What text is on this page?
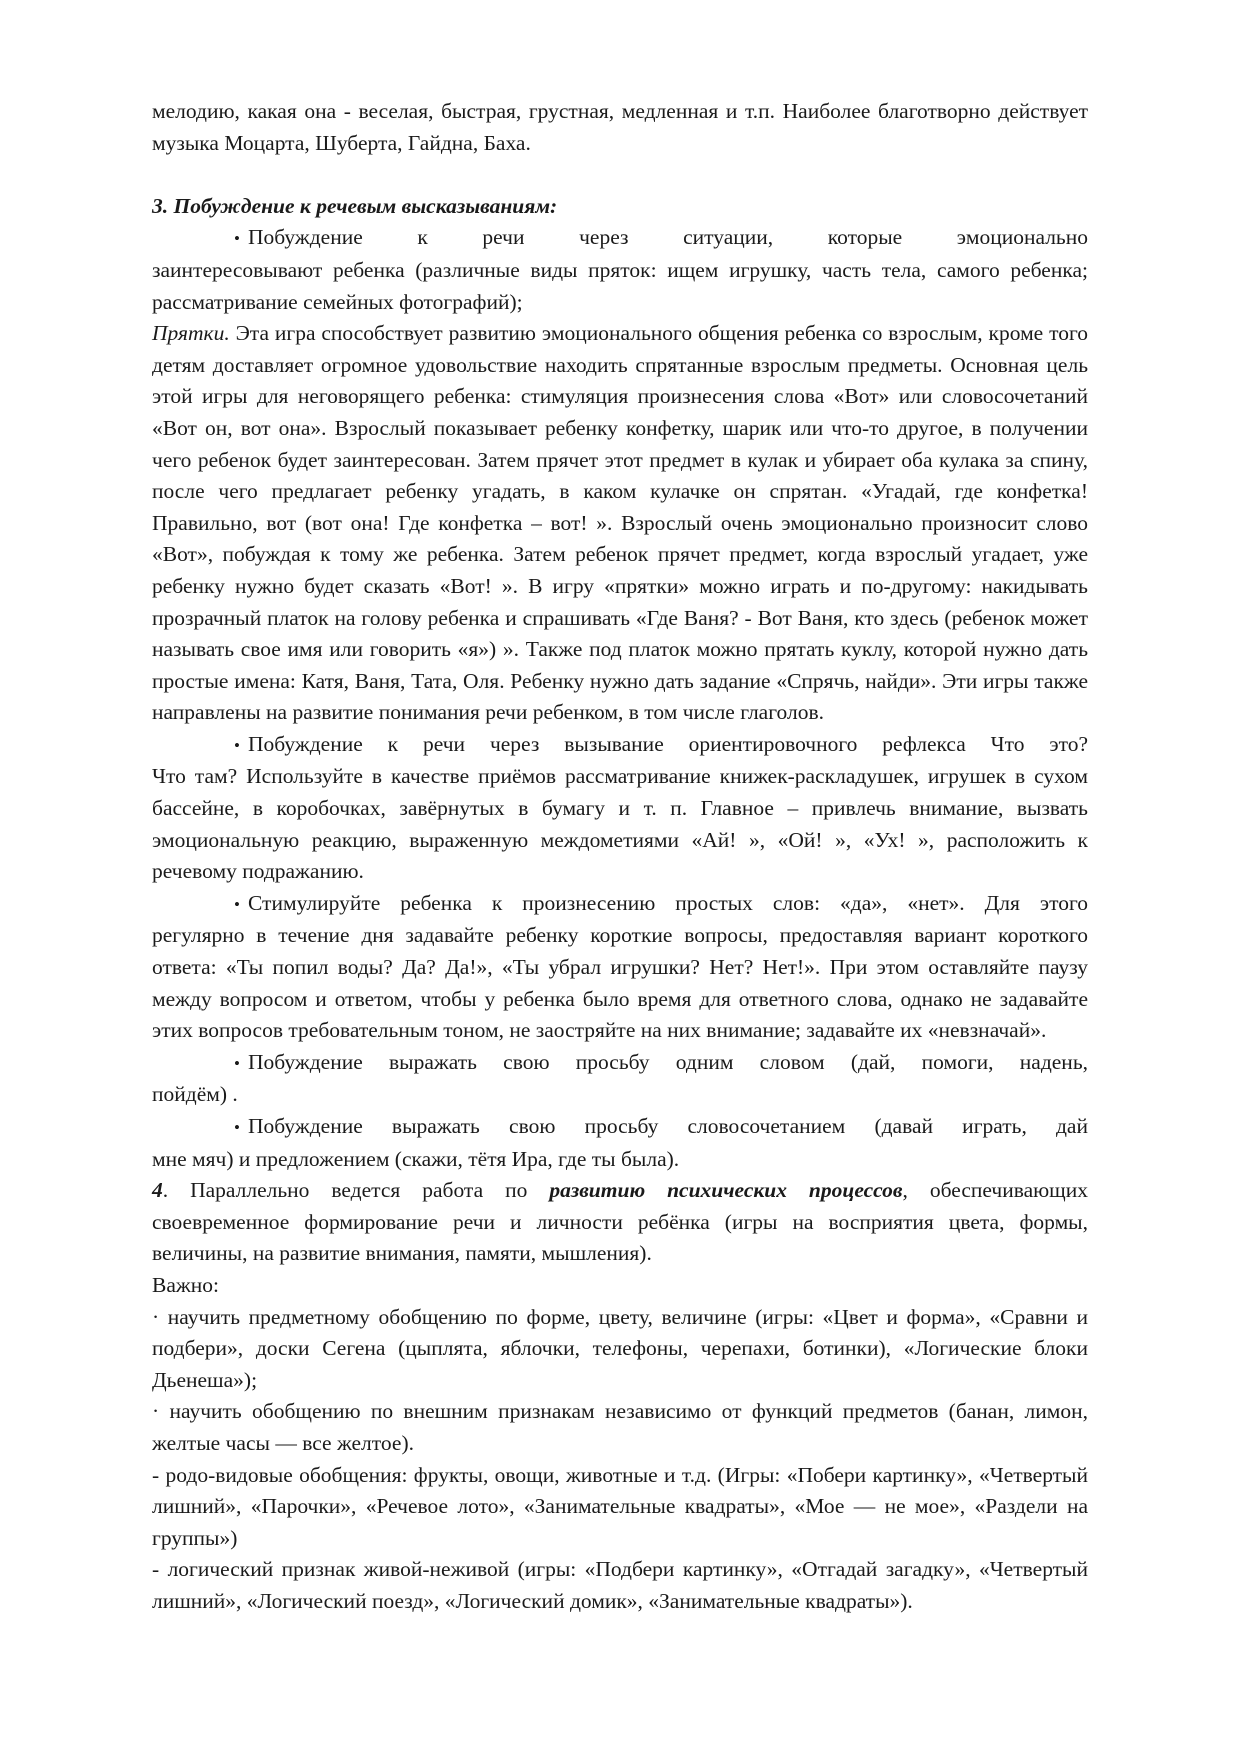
мелодию, какая она - веселая, быстрая, грустная, медленная и т.п. Наиболее благотворно действует музыка Моцарта, Шуберта, Гайдна, Баха.

3. Побуждение к речевым высказываниям:

• Побуждение к речи через ситуации, которые эмоционально

заинтересовывают ребенка (различные виды пряток: ищем игрушку, часть тела, самого ребенка; рассматривание семейных фотографий);

Прятки. Эта игра способствует развитию эмоционального общения ребенка со взрослым, кроме того детям доставляет огромное удовольствие находить спрятанные взрослым предметы. Основная цель этой игры для неговорящего ребенка: стимуляция произнесения слова «Вот» или словосочетаний «Вот он, вот она». Взрослый показывает ребенку конфетку, шарик или что-то другое, в получении чего ребенок будет заинтересован. Затем прячет этот предмет в кулак и убирает оба кулака за спину, после чего предлагает ребенку угадать, в каком кулачке он спрятан. «Угадай, где конфетка! Правильно, вот (вот она! Где конфетка – вот! ». Взрослый очень эмоционально произносит слово «Вот», побуждая к тому же ребенка. Затем ребенок прячет предмет, когда взрослый угадает, уже ребенку нужно будет сказать «Вот! ». В игру «прятки» можно играть и по-другому: накидывать прозрачный платок на голову ребенка и спрашивать «Где Ваня? - Вот Ваня, кто здесь (ребенок может называть свое имя или говорить «я») ». Также под платок можно прятать куклу, которой нужно дать простые имена: Катя, Ваня, Тата, Оля. Ребенку нужно дать задание «Спрячь, найди». Эти игры также направлены на развитие понимания речи ребенком, в том числе глаголов.

• Побуждение к речи через вызывание ориентировочного рефлекса Что это?

Что там? Используйте в качестве приёмов рассматривание книжек-раскладушек, игрушек в сухом бассейне, в коробочках, завёрнутых в бумагу и т. п. Главное – привлечь внимание, вызвать эмоциональную реакцию, выраженную междометиями «Ай! », «Ой! », «Ух! », расположить к речевому подражанию.

• Стимулируйте ребенка к произнесению простых слов: «да», «нет». Для этого

регулярно в течение дня задавайте ребенку короткие вопросы, предоставляя вариант короткого ответа: «Ты попил воды? Да? Да!», «Ты убрал игрушки? Нет? Нет!». При этом оставляйте паузу между вопросом и ответом, чтобы у ребенка было время для ответного слова, однако не задавайте этих вопросов требовательным тоном, не заостряйте на них внимание; задавайте их «невзначай».

• Побуждение выражать свою просьбу одним словом (дай, помоги, надень,

пойдём) .

• Побуждение выражать свою просьбу словосочетанием (давай играть, дай

мне мяч) и предложением (скажи, тётя Ира, где ты была).

4. Параллельно ведется работа по развитию психических процессов, обеспечивающих своевременное формирование речи и личности ребёнка (игры на восприятия цвета, формы, величины, на развитие внимания, памяти, мышления).

Важно:

· научить предметному обобщению по форме, цвету, величине (игры: «Цвет и форма», «Сравни и подбери», доски Сегена (цыплята, яблочки, телефоны, черепахи, ботинки), «Логические блоки Дьенеша»);

· научить обобщению по внешним признакам независимо от функций предметов (банан, лимон, желтые часы — все желтое).

- родо-видовые обобщения: фрукты, овощи, животные и т.д. (Игры: «Побери картинку», «Четвертый лишний», «Парочки», «Речевое лото», «Занимательные квадраты», «Мое — не мое», «Раздели на группы»)

- логический признак живой-неживой (игры: «Подбери картинку», «Отгадай загадку», «Четвертый лишний», «Логический поезд», «Логический домик», «Занимательные квадраты»).
